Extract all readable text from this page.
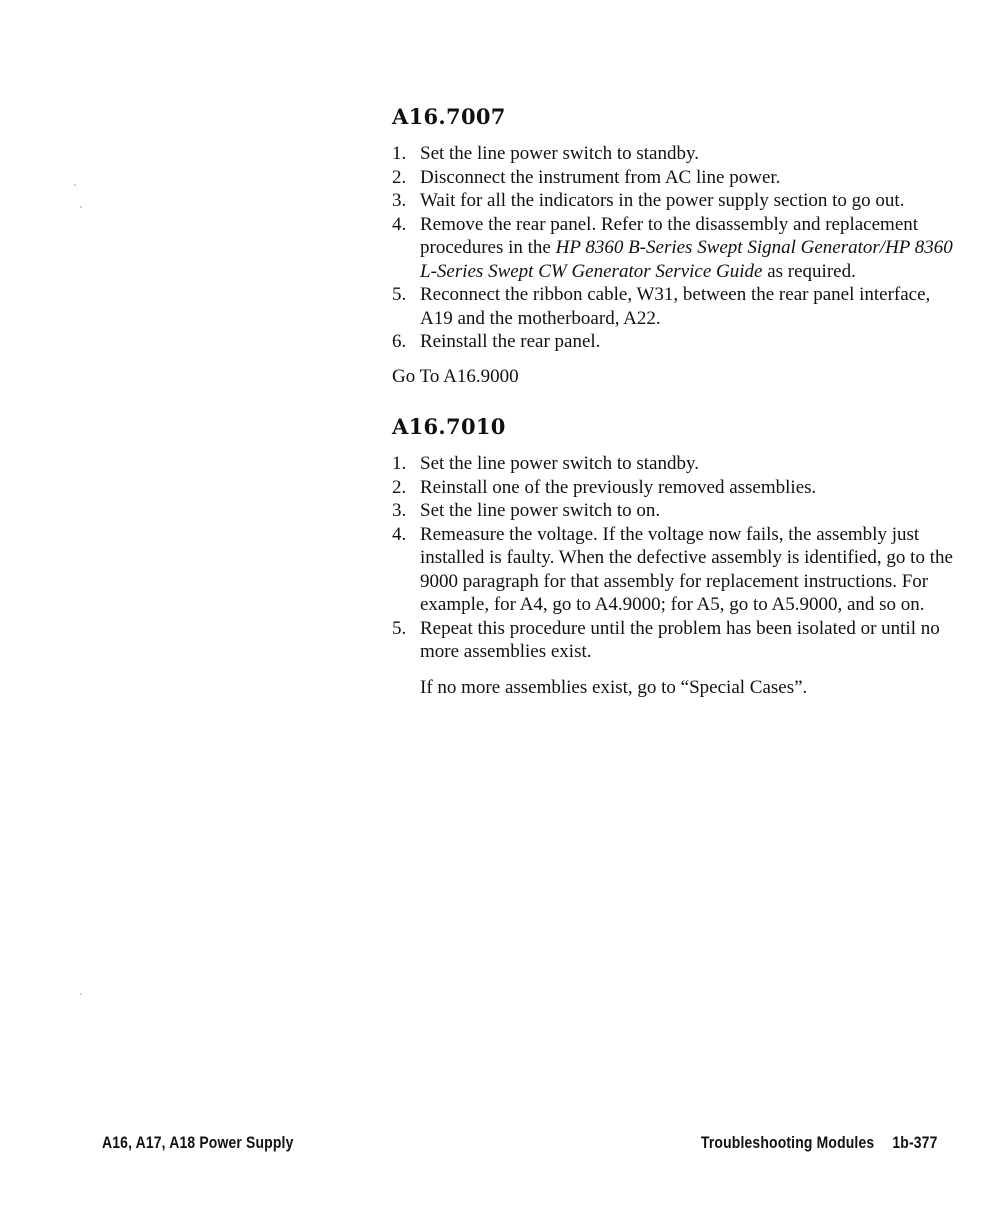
A16.7007
1. Set the line power switch to standby.
2. Disconnect the instrument from AC line power.
3. Wait for all the indicators in the power supply section to go out.
4. Remove the rear panel. Refer to the disassembly and replacement procedures in the HP 8360 B-Series Swept Signal Generator/HP 8360 L-Series Swept CW Generator Service Guide as required.
5. Reconnect the ribbon cable, W31, between the rear panel interface, A19 and the motherboard, A22.
6. Reinstall the rear panel.

Go To A16.9000

A16.7010
1. Set the line power switch to standby.
2. Reinstall one of the previously removed assemblies.
3. Set the line power switch to on.
4. Remeasure the voltage. If the voltage now fails, the assembly just installed is faulty. When the defective assembly is identified, go to the 9000 paragraph for that assembly for replacement instructions. For example, for A4, go to A4.9000; for A5, go to A5.9000, and so on.
5. Repeat this procedure until the problem has been isolated or until no more assemblies exist.

If no more assemblies exist, go to “Special Cases”.

A16, A17, A18 Power Supply	Troubleshooting Modules 1b-377
